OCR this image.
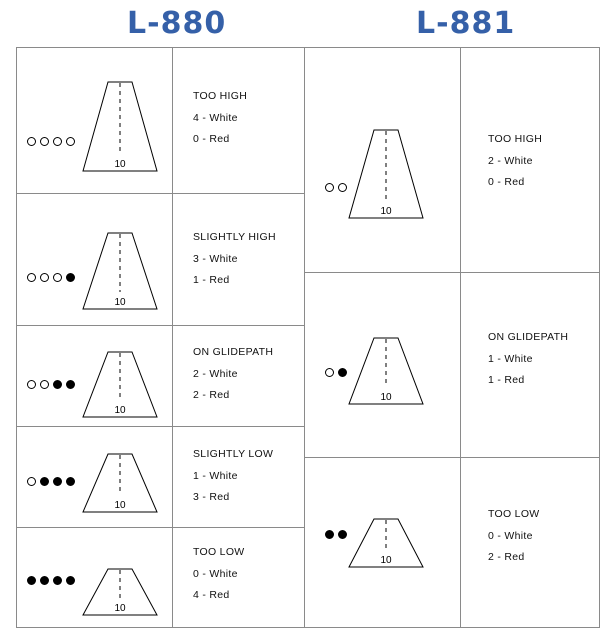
L-880	L-881
10
TOO HIGH
4 - White
0 - Red
10
SLIGHTLY HIGH
3 - White
1 - Red
10
ON GLIDEPATH
2 - White
2 - Red
10
SLIGHTLY LOW
1 - White
3 - Red
10
TOO LOW
0 - White
4 - Red
10
TOO HIGH
2 - White
0 - Red
10
ON GLIDEPATH
1 - White
1 - Red
10
TOO LOW
0 - White
2 - Red
